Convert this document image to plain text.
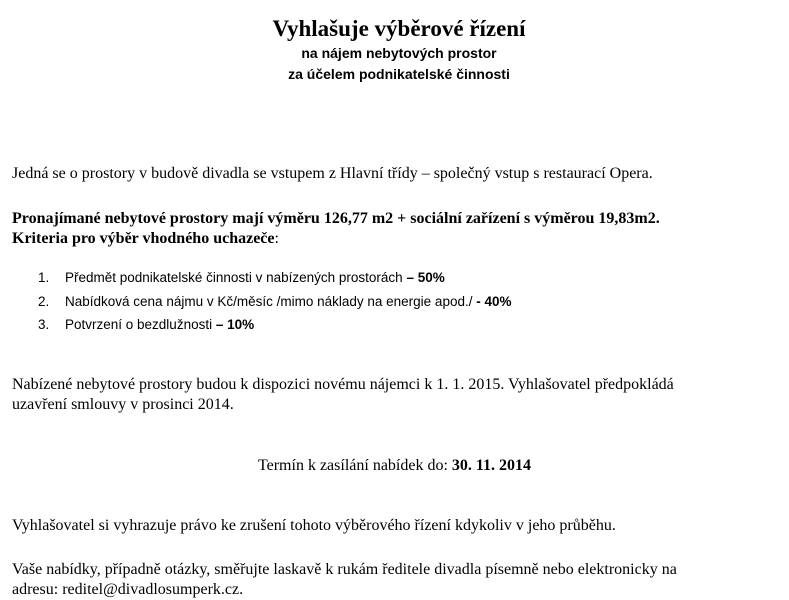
Vyhlašuje výběrové řízení
na nájem nebytových prostor
za účelem podnikatelské činnosti
Jedná se o prostory v budově divadla se vstupem z Hlavní třídy – společný vstup s restaurací Opera.
Pronajímané nebytové prostory mají výměru 126,77 m2 + sociální zařízení s výměrou 19,83m2.
Kriteria pro výběr vhodného uchazeče:
1. Předmět podnikatelské činnosti v nabízených prostorách – 50%
2. Nabídková cena nájmu v Kč/měsíc /mimo náklady na energie apod./ - 40%
3. Potvrzení o bezdlužnosti – 10%
Nabízené nebytové prostory budou k dispozici novému nájemci k 1. 1. 2015. Vyhlašovatel předpokládá
uzavření smlouvy v prosinci 2014.
Termín k zasílání nabídek do: 30. 11. 2014
Vyhlašovatel si vyhrazuje právo ke zrušení tohoto výběrového řízení kdykoliv v jeho průběhu.
Vaše nabídky, případně otázky, směřujte laskavě k rukám ředitele divadla písemně nebo elektronicky na
adresu: reditel@divadlosumperk.cz.
